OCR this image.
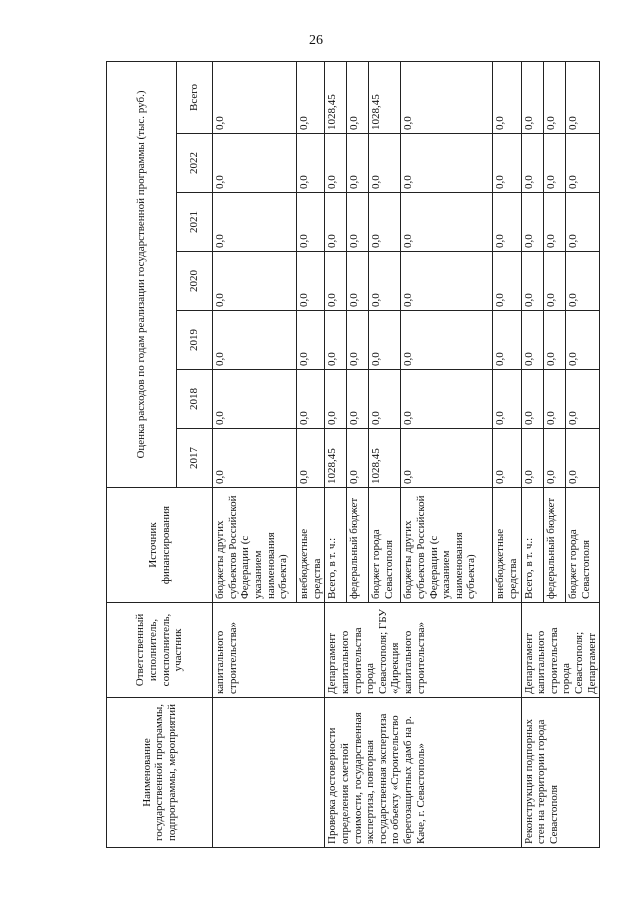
26
Наименование государственной программы, подпрограммы, мероприятий	Ответственный исполнитель, соисполнитель, участник	Источник финансирования	Оценка расходов по годам реализации государственной программы (тыс. руб.)						
			2017	2018	2019	2020	2021	2022	Всего
	капитального строительства»	бюджеты других субъектов Российской Федерации (с указанием наименования субъекта)	0,0	0,0	0,0	0,0	0,0	0,0	0,0
		внебюджетные средства	0,0	0,0	0,0	0,0	0,0	0,0	0,0
Проверка достоверности определения сметной стоимости, государственная экспертиза, повторная государственная экспертиза по объекту «Строительство берегозащитных дамб на р. Каче, г. Севастополь»	Департамент капитального строительства города Севастополя; ГБУ «Дирекция капитального строительства»	Всего, в т. ч.:	1028,45	0,0	0,0	0,0	0,0	0,0	1028,45
		федеральный бюджет	0,0	0,0	0,0	0,0	0,0	0,0	0,0
		бюджет города Севастополя	1028,45	0,0	0,0	0,0	0,0	0,0	1028,45
		бюджеты других субъектов Российской Федерации (с указанием наименования субъекта)	0,0	0,0	0,0	0,0	0,0	0,0	0,0
		внебюджетные средства	0,0	0,0	0,0	0,0	0,0	0,0	0,0
Реконструкция подпорных стен на территории города Севастополя	Департамент капитального строительства города Севастополя; Департамент	Всего, в т. ч.:	0,0	0,0	0,0	0,0	0,0	0,0	0,0
		федеральный бюджет	0,0	0,0	0,0	0,0	0,0	0,0	0,0
		бюджет города Севастополя	0,0	0,0	0,0	0,0	0,0	0,0	0,0
